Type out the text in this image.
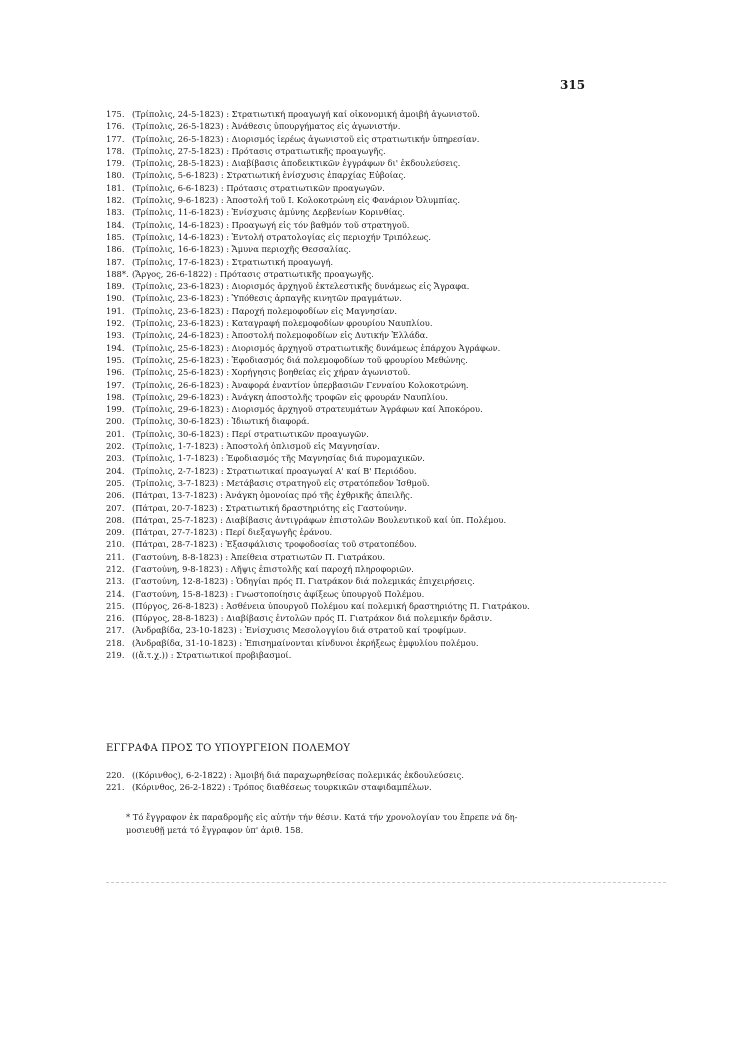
315
175. (Τρίπολις, 24-5-1823) : Στρατιωτική προαγωγή καί οἰκονομική ἀμοιβή ἀγωνιστοῦ.
176. (Τρίπολις, 26-5-1823) : Ἀνάθεσις ὑπουργήματος εἰς ἀγωνιστήν.
177. (Τρίπολις, 26-5-1823) : Διορισμός ἱερέως ἀγωνιστοῦ εἰς στρατιωτικήν ὑπηρεσίαν.
178. (Τρίπολις, 27-5-1823) : Πρότασις στρατιωτικῆς προαγωγῆς.
179. (Τρίπολις, 28-5-1823) : Διαβίβασις ἀποδεικτικῶν ἐγγράφων δι' ἐκδουλεύσεις.
180. (Τρίπολις, 5-6-1823) : Στρατιωτική ἐνίσχυσις ἐπαρχίας Εὐβοίας.
181. (Τρίπολις, 6-6-1823) : Πρότασις στρατιωτικῶν προαγωγῶν.
182. (Τρίπολις, 9-6-1823) : Ἀποστολή τοῦ Ι. Κολοκοτρώνη εἰς Φανάριον Ὀλυμπίας.
183. (Τρίπολις, 11-6-1823) : Ἐνίσχυσις ἀμύνης Δερβενίων Κορινθίας.
184. (Τρίπολις, 14-6-1823) : Προαγωγή εἰς τόν βαθμόν τοῦ στρατηγοῦ.
185. (Τρίπολις, 14-6-1823) : Ἐντολή στρατολογίας εἰς περιοχήν Τριπόλεως.
186. (Τρίπολις, 16-6-1823) : Ἄμυνα περιοχῆς Θεσσαλίας.
187. (Τρίπολις, 17-6-1823) : Στρατιωτική προαγωγή.
188*. (Ἄργος, 26-6-1822) : Πρότασις στρατιωτικῆς προαγωγῆς.
189. (Τρίπολις, 23-6-1823) : Διορισμός ἀρχηγοῦ ἐκτελεστικῆς δυνάμεως εἰς Ἄγραφα.
190. (Τρίπολις, 23-6-1823) : Ὑπόθεσις ἁρπαγῆς κινητῶν πραγμάτων.
191. (Τρίπολις, 23-6-1823) : Παροχή πολεμοφοδίων εἰς Μαγνησίαν.
192. (Τρίπολις, 23-6-1823) : Καταγραφή πολεμοφοδίων φρουρίου Ναυπλίου.
193. (Τρίπολις, 24-6-1823) : Ἀποστολή πολεμοφοδίων εἰς Δυτικήν Ἑλλάδα.
194. (Τρίπολις, 25-6-1823) : Διορισμός ἀρχηγοῦ στρατιωτικῆς δυνάμεως ἐπάρχου Ἀγράφων.
195. (Τρίπολις, 25-6-1823) : Ἐφοδιασμός διά πολεμοφοδίων τοῦ φρουρίου Μεθώνης.
196. (Τρίπολις, 25-6-1823) : Χορήγησις βοηθείας εἰς χήραν ἀγωνιστοῦ.
197. (Τρίπολις, 26-6-1823) : Ἀναφορά ἐναντίον ὑπερβασιῶν Γενναίου Κολοκοτρώνη.
198. (Τρίπολις, 29-6-1823) : Ἀνάγκη ἀποστολῆς τροφῶν εἰς φρουράν Ναυπλίου.
199. (Τρίπολις, 29-6-1823) : Διορισμός ἀρχηγοῦ στρατευμάτων Ἀγράφων καί Ἀποκόρου.
200. (Τρίπολις, 30-6-1823) : Ἰδιωτική διαφορά.
201. (Τρίπολις, 30-6-1823) : Περί στρατιωτικῶν προαγωγῶν.
202. (Τρίπολις, 1-7-1823) : Ἀποστολή ὁπλισμοῦ εἰς Μαγνησίαν.
203. (Τρίπολις, 1-7-1823) : Ἐφοδιασμός τῆς Μαγνησίας διά πυρομαχικῶν.
204. (Τρίπολις, 2-7-1823) : Στρατιωτικαί προαγωγαί Α' καί Β' Περιόδου.
205. (Τρίπολις, 3-7-1823) : Μετάβασις στρατηγοῦ εἰς στρατόπεδον Ἰσθμοῦ.
206. (Πάτραι, 13-7-1823) : Ἀνάγκη ὁμονοίας πρό τῆς ἐχθρικῆς ἀπειλῆς.
207. (Πάτραι, 20-7-1823) : Στρατιωτική δραστηριότης εἰς Γαστούνην.
208. (Πάτραι, 25-7-1823) : Διαβίβασις ἀντιγράφων ἐπιστολῶν Βουλευτικοῦ καί ὑπ. Πολέμου.
209. (Πάτραι, 27-7-1823) : Περί διεξαγωγῆς ἐράνου.
210. (Πάτραι, 28-7-1823) : Ἐξασφάλισις τροφοδοσίας τοῦ στρατοπέδου.
211. (Γαστούνη, 8-8-1823) : Ἀπείθεια στρατιωτῶν Π. Γιατράκου.
212. (Γαστούνη, 9-8-1823) : Λῆψις ἐπιστολῆς καί παροχή πληροφοριῶν.
213. (Γαστούνη, 12-8-1823) : Ὁδηγίαι πρός Π. Γιατράκον διά πολεμικάς ἐπιχειρήσεις.
214. (Γαστούνη, 15-8-1823) : Γνωστοποίησις ἀφίξεως ὑπουργοῦ Πολέμου.
215. (Πύργος, 26-8-1823) : Ἀσθένεια ὑπουργοῦ Πολέμου καί πολεμική δραστηριότης Π. Γιατράκου.
216. (Πύργος, 28-8-1823) : Διαβίβασις ἐντολῶν πρός Π. Γιατράκον διά πολεμικήν δρᾶσιν.
217. (Ἀνδραβίδα, 23-10-1823) : Ἐνίσχυσις Μεσολογγίου διά στρατοῦ καί τροφίμων.
218. (Ἀνδραβίδα, 31-10-1823) : Ἐπισημαίνονται κίνδυνοι ἐκρήξεως ἐμφυλίου πολέμου.
219. ((ἄ.τ.χ.)) : Στρατιωτικοί προβιβασμοί.
ΕΓΓΡΑΦΑ ΠΡΟΣ ΤΟ ΥΠΟΥΡΓΕΙΟΝ ΠΟΛΕΜΟΥ
220. ((Κόρινθος), 6-2-1822) : Ἀμοιβή διά παραχωρηθείσας πολεμικάς ἐκδουλεύσεις.
221. (Κόρινθος, 26-2-1822) : Τρόπος διαθέσεως τουρκικῶν σταφιδαμπέλων.
* Τό ἔγγραφον ἐκ παραδρομῆς εἰς αὐτήν τήν θέσιν. Κατά τήν χρονολογίαν του ἔπρεπε νά δη-
μοσιευθῇ μετά τό ἔγγραφον ὑπ' ἀριθ. 158.
